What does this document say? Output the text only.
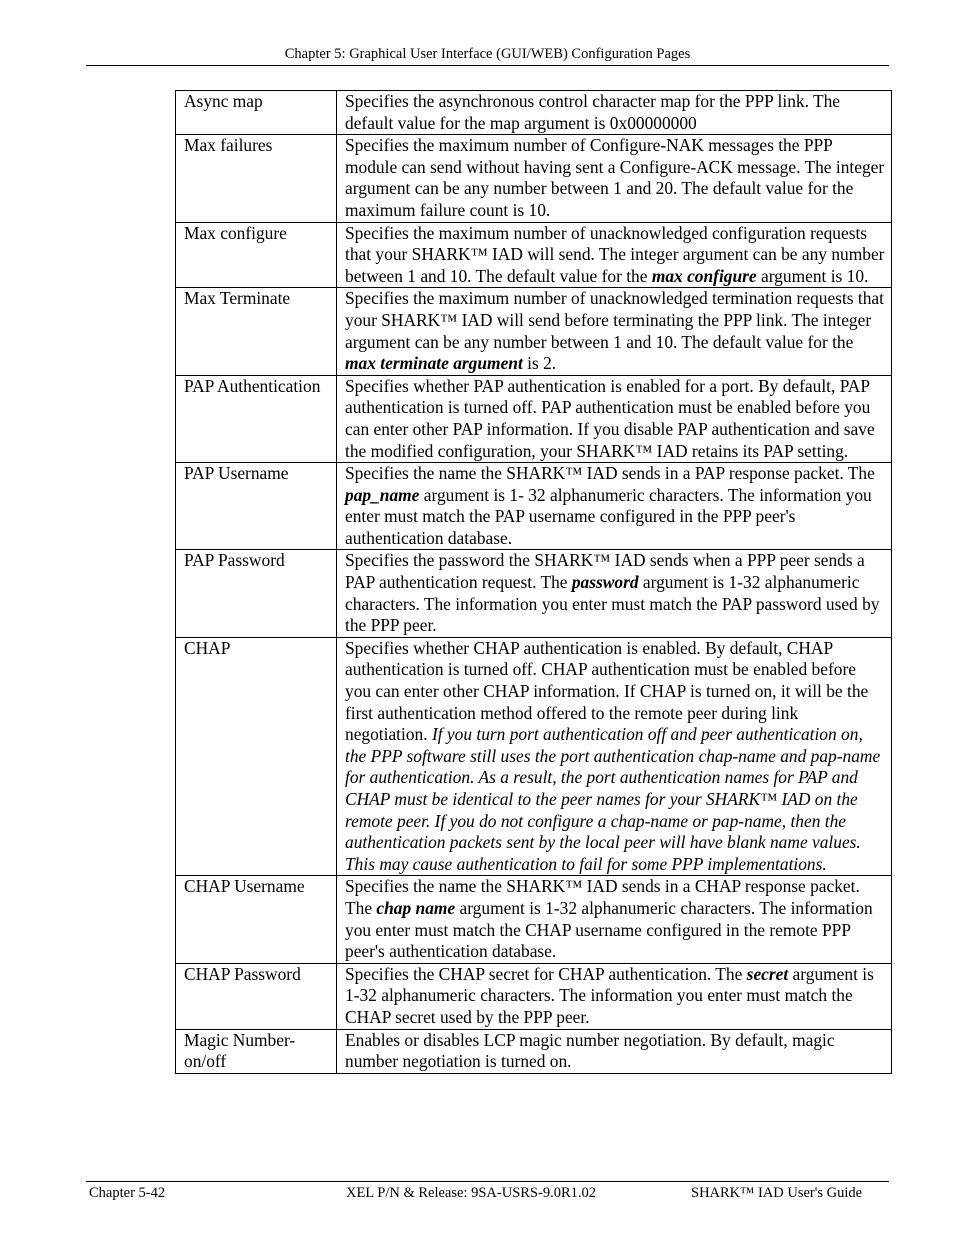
Chapter 5: Graphical User Interface (GUI/WEB) Configuration Pages
Async map	Specifies the asynchronous control character map for the PPP link. The default value for the map argument is 0x00000000
Max failures	Specifies the maximum number of Configure-NAK messages the PPP module can send without having sent a Configure-ACK message. The integer argument can be any number between 1 and 20. The default value for the maximum failure count is 10.
Max configure	Specifies the maximum number of unacknowledged configuration requests that your SHARK™ IAD will send. The integer argument can be any number between 1 and 10. The default value for the max configure argument is 10.
Max Terminate	Specifies the maximum number of unacknowledged termination requests that your SHARK™ IAD will send before terminating the PPP link. The integer argument can be any number between 1 and 10. The default value for the max terminate argument is 2.
PAP Authentication	Specifies whether PAP authentication is enabled for a port. By default, PAP authentication is turned off. PAP authentication must be enabled before you can enter other PAP information. If you disable PAP authentication and save the modified configuration, your SHARK™ IAD retains its PAP setting.
PAP Username	Specifies the name the SHARK™ IAD sends in a PAP response packet. The pap_name argument is 1- 32 alphanumeric characters. The information you enter must match the PAP username configured in the PPP peer's authentication database.
PAP Password	Specifies the password the SHARK™ IAD sends when a PPP peer sends a PAP authentication request. The password argument is 1-32 alphanumeric characters. The information you enter must match the PAP password used by the PPP peer.
CHAP	Specifies whether CHAP authentication is enabled. By default, CHAP authentication is turned off. CHAP authentication must be enabled before you can enter other CHAP information. If CHAP is turned on, it will be the first authentication method offered to the remote peer during link negotiation. If you turn port authentication off and peer authentication on, the PPP software still uses the port authentication chap-name and pap-name for authentication. As a result, the port authentication names for PAP and CHAP must be identical to the peer names for your SHARK™ IAD on the remote peer. If you do not configure a chap-name or pap-name, then the authentication packets sent by the local peer will have blank name values. This may cause authentication to fail for some PPP implementations.
CHAP Username	Specifies the name the SHARK™ IAD sends in a CHAP response packet. The chap name argument is 1-32 alphanumeric characters. The information you enter must match the CHAP username configured in the remote PPP peer's authentication database.
CHAP Password	Specifies the CHAP secret for CHAP authentication. The secret argument is 1-32 alphanumeric characters. The information you enter must match the CHAP secret used by the PPP peer.
Magic Number-on/off	Enables or disables LCP magic number negotiation. By default, magic number negotiation is turned on.
Chapter 5-42	XEL P/N & Release: 9SA-USRS-9.0R1.02	SHARK™ IAD User's Guide
